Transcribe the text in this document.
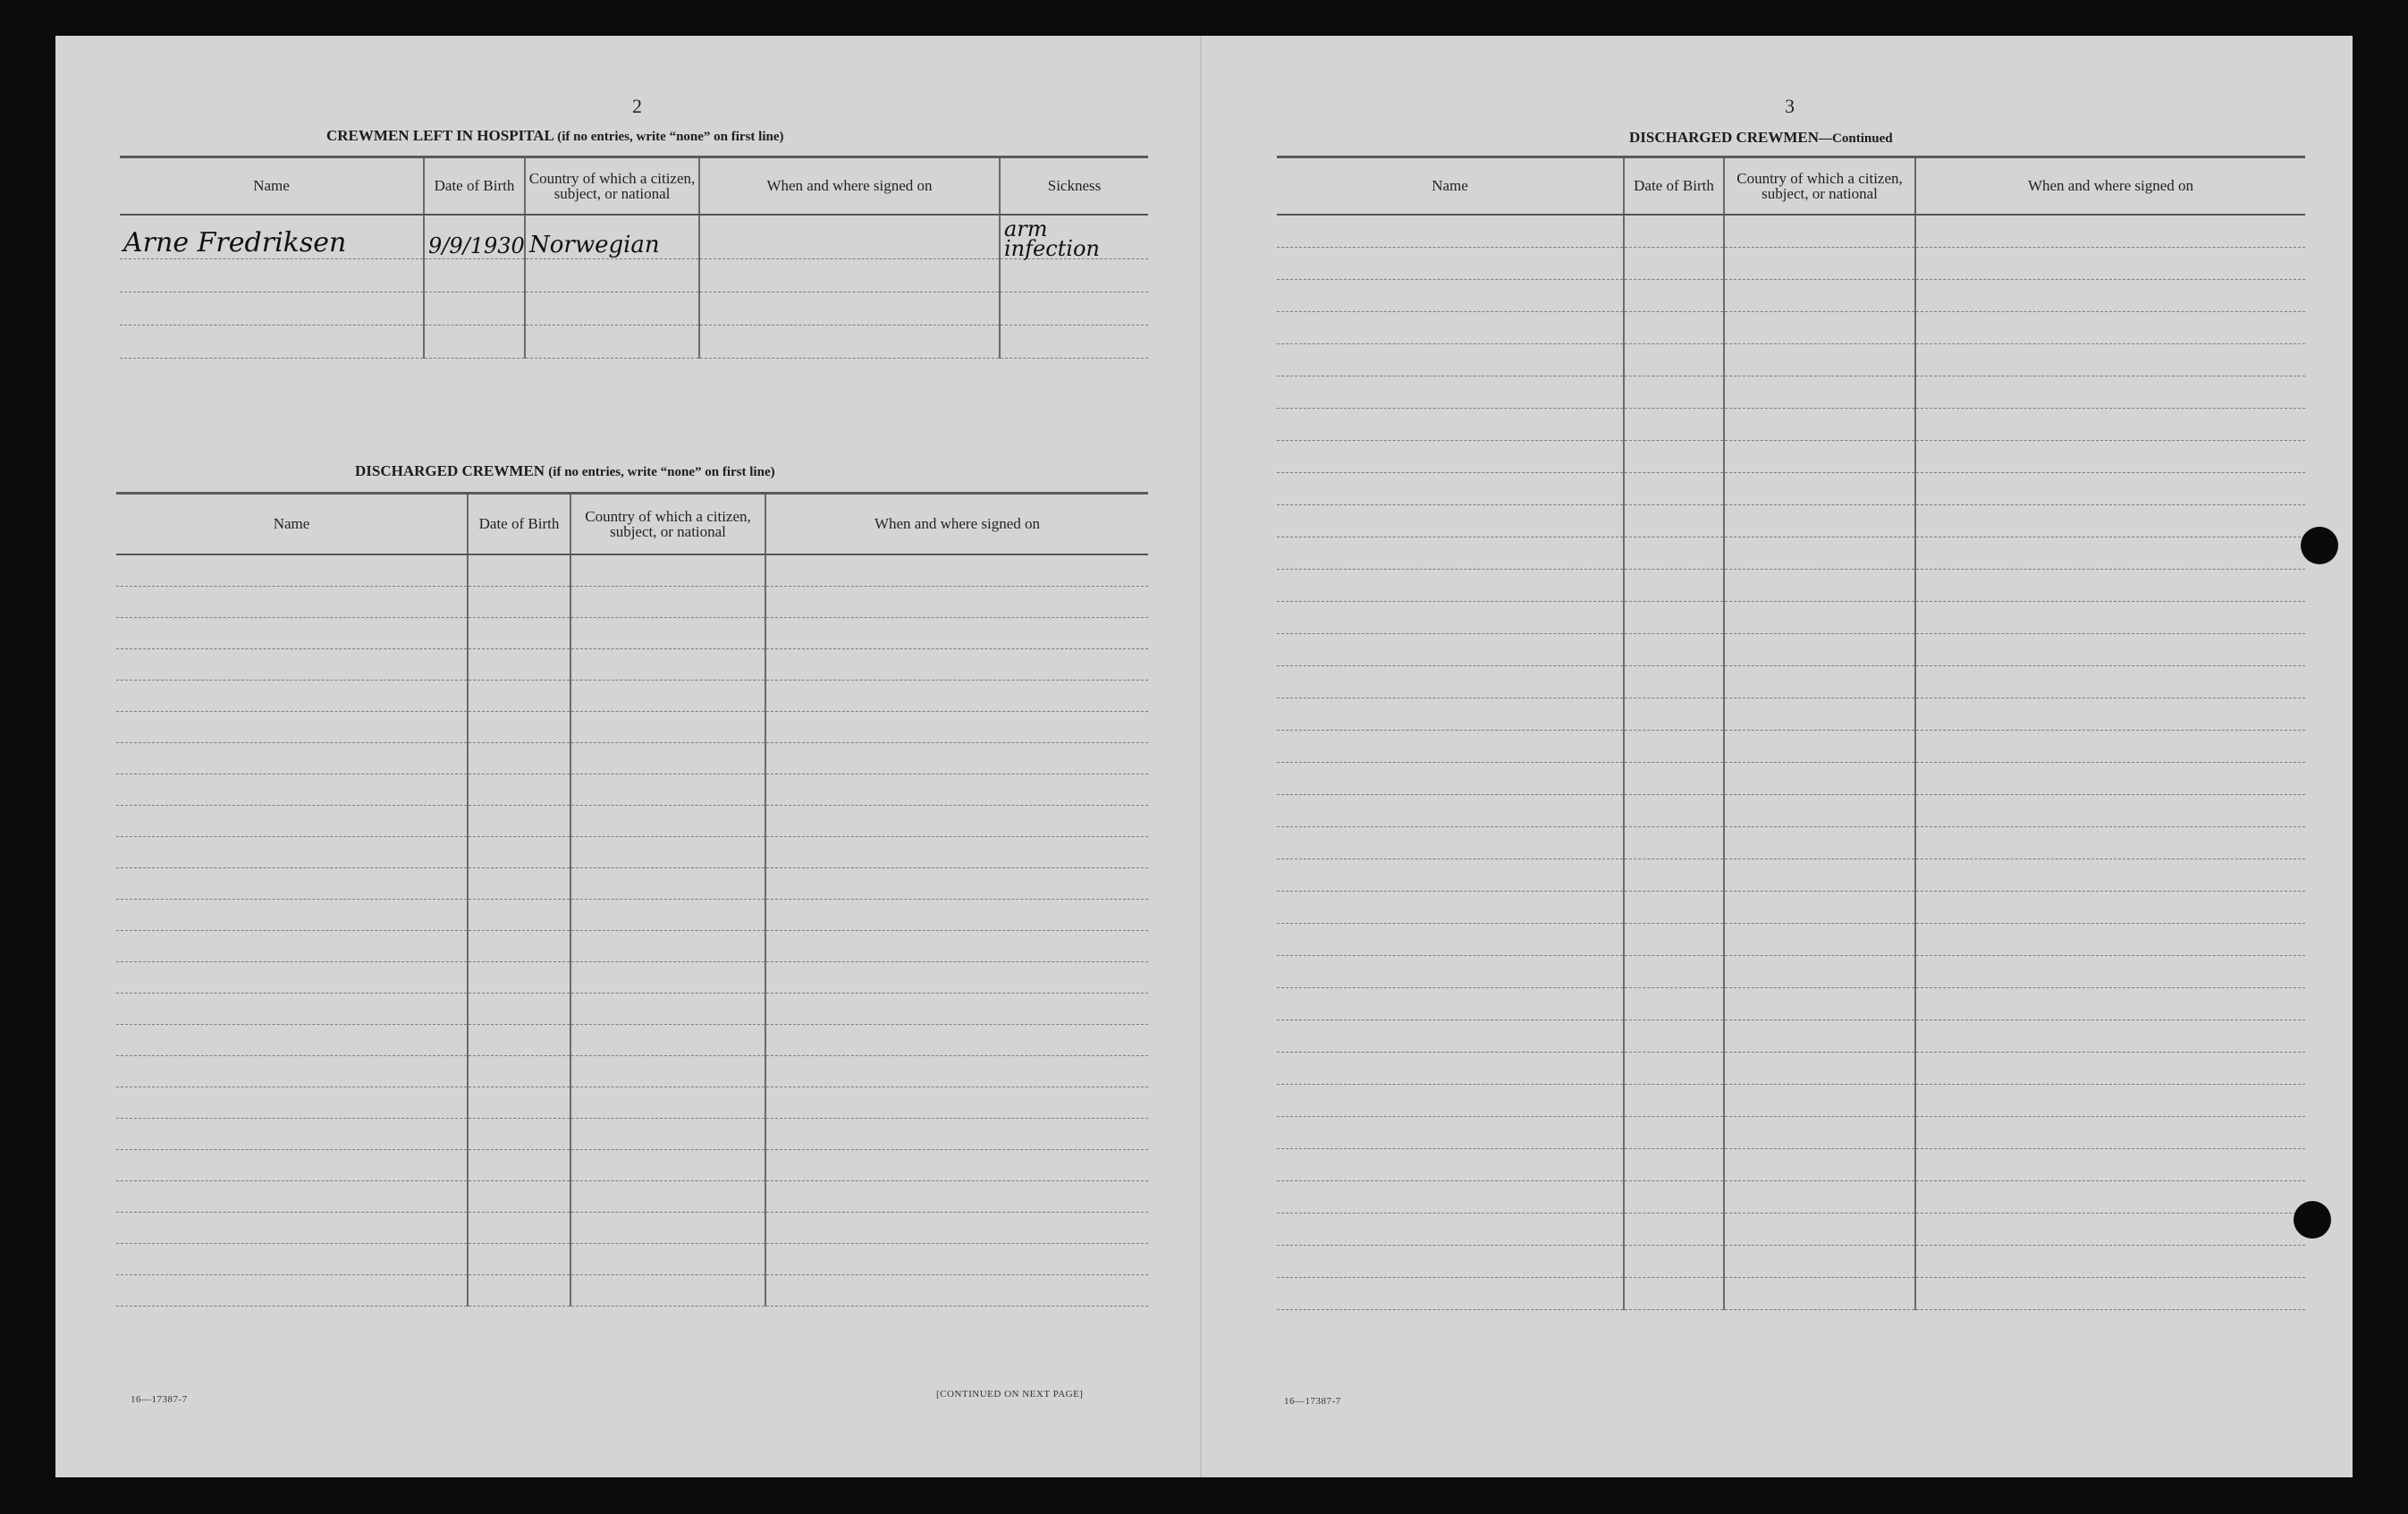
2
CREWMEN LEFT IN HOSPITAL (if no entries, write “none” on first line)
Name	Date of Birth	Country of which a citizen, subject, or national	When and where signed on	Sickness
Arne Fredriksen	9/9/1930	Norwegian		arm infection

DISCHARGED CREWMEN (if no entries, write “none” on first line)
Name	Date of Birth	Country of which a citizen, subject, or national	When and where signed on

16—17387-7	[CONTINUED ON NEXT PAGE]
3
DISCHARGED CREWMEN—Continued
Name	Date of Birth	Country of which a citizen, subject, or national	When and where signed on

16—17387-7
